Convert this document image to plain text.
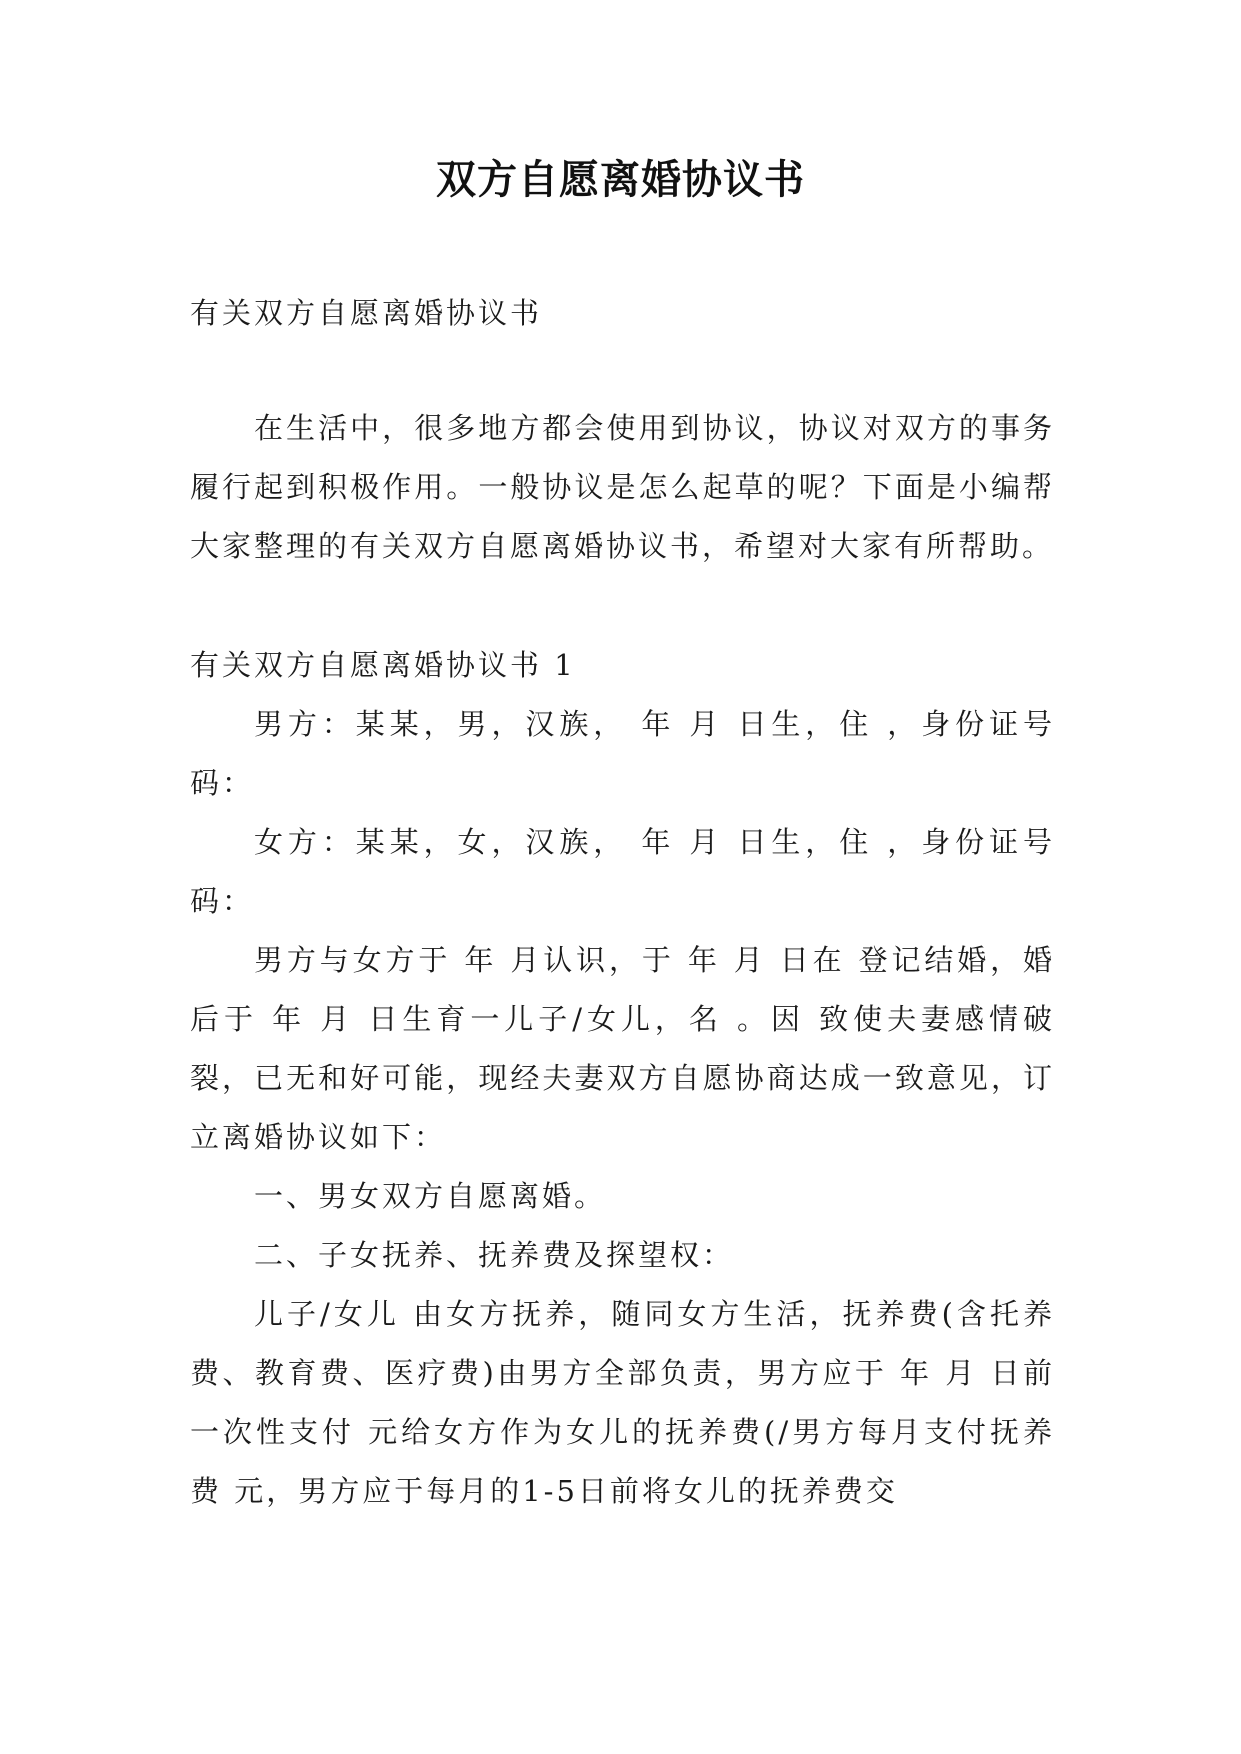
双方自愿离婚协议书

有关双方自愿离婚协议书

在生活中，很多地方都会使用到协议，协议对双方的事务履行起到积极作用。一般协议是怎么起草的呢？下面是小编帮大家整理的有关双方自愿离婚协议书，希望对大家有所帮助。

有关双方自愿离婚协议书 1

男方：某某，男，汉族， 年 月 日生，住 ，身份证号码：

女方：某某，女，汉族， 年 月 日生，住 ，身份证号码：

男方与女方于 年 月认识，于 年 月 日在 登记结婚，婚后于 年 月 日生育一儿子/女儿，名 。因 致使夫妻感情破裂，已无和好可能，现经夫妻双方自愿协商达成一致意见，订立离婚协议如下：

一、男女双方自愿离婚。

二、子女抚养、抚养费及探望权：

儿子/女儿 由女方抚养，随同女方生活，抚养费(含托养费、教育费、医疗费)由男方全部负责，男方应于 年 月 日前一次性支付 元给女方作为女儿的抚养费(/男方每月支付抚养费 元，男方应于每月的1-5日前将女儿的抚养费交
